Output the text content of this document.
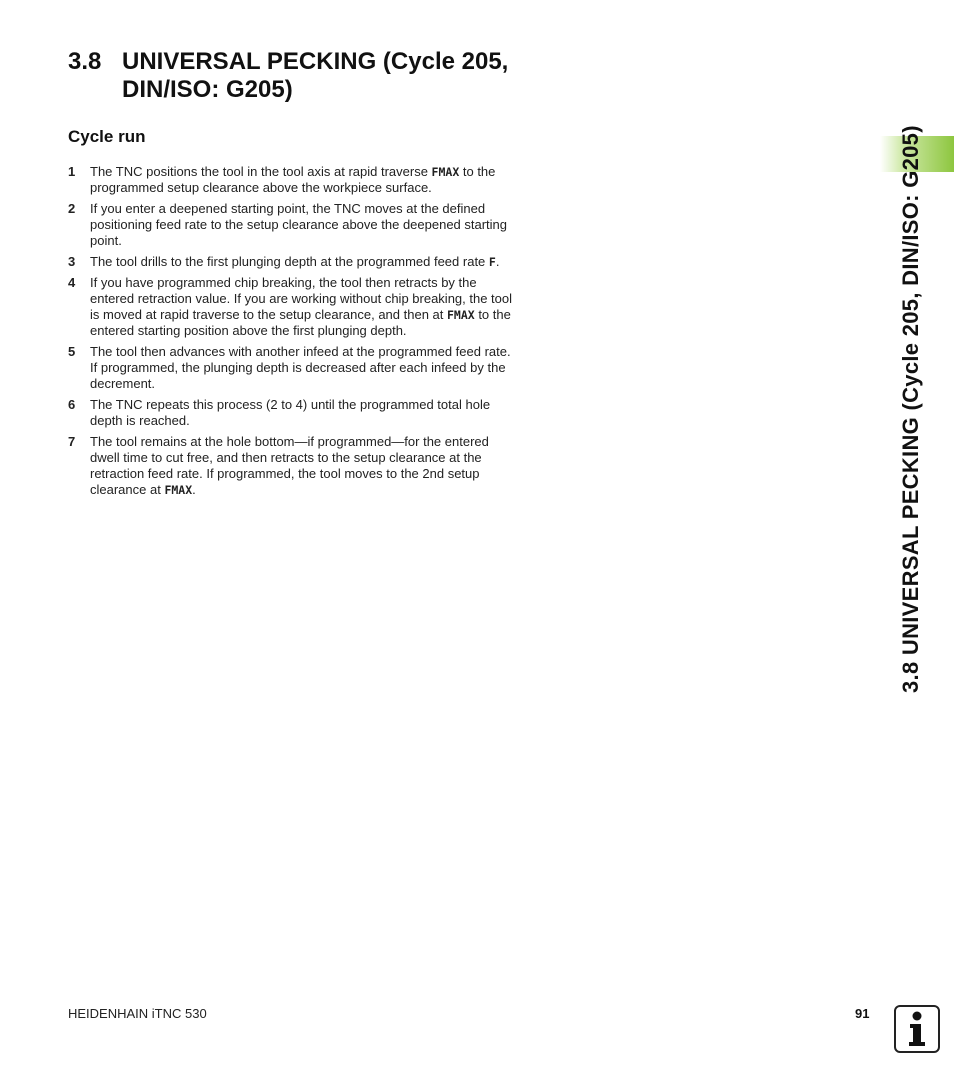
3.8 UNIVERSAL PECKING (Cycle 205, DIN/ISO: G205)
Cycle run
1	The TNC positions the tool in the tool axis at rapid traverse FMAX to the programmed setup clearance above the workpiece surface.
2	If you enter a deepened starting point, the TNC moves at the defined positioning feed rate to the setup clearance above the deepened starting point.
3	The tool drills to the first plunging depth at the programmed feed rate F.
4	If you have programmed chip breaking, the tool then retracts by the entered retraction value. If you are working without chip breaking, the tool is moved at rapid traverse to the setup clearance, and then at FMAX to the entered starting position above the first plunging depth.
5	The tool then advances with another infeed at the programmed feed rate. If programmed, the plunging depth is decreased after each infeed by the decrement.
6	The TNC repeats this process (2 to 4) until the programmed total hole depth is reached.
7	The tool remains at the hole bottom—if programmed—for the entered dwell time to cut free, and then retracts to the setup clearance at the retraction feed rate. If programmed, the tool moves to the 2nd setup clearance at FMAX.	3.8 UNIVERSAL PECKING (Cycle 205, DIN/ISO: G205)
HEIDENHAIN iTNC 530	91
